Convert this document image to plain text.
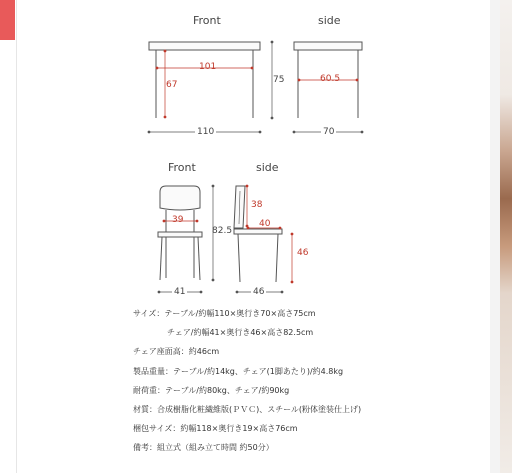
Front	side
101
67	75	60.5
110	70
Front	side
39
38
40
82.5
46
41	46
サイズ：テーブル/約幅110×奥行き70×高さ75cm
チェア/約幅41×奥行き46×高さ82.5cm
チェア座面高：約46cm
製品重量：テーブル/約14kg、チェア(1脚あたり)/約4.8kg
耐荷重：テーブル/約80kg、チェア/約90kg
材質：合成樹脂化粧繊維版(ＰＶＣ)、スチール(粉体塗装仕上げ)
梱包サイズ：約幅118×奥行き19×高さ76cm
備考：組立式（組み立て時間 約50分）
